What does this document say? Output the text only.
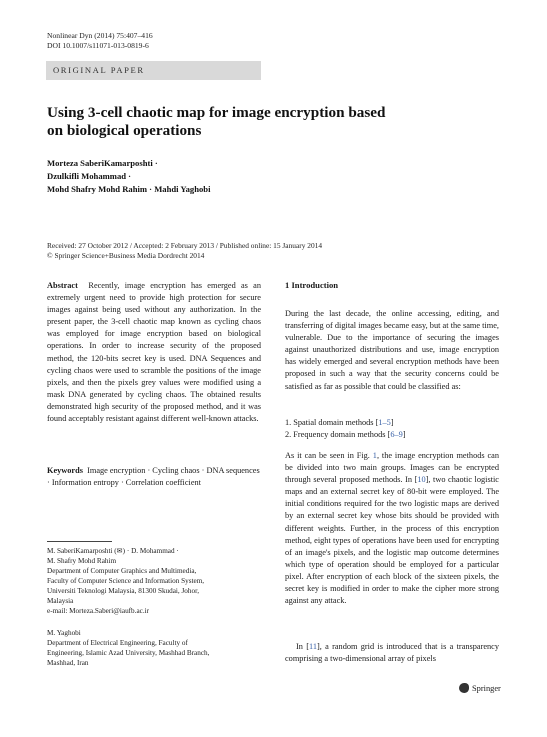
Nonlinear Dyn (2014) 75:407–416
DOI 10.1007/s11071-013-0819-6
ORIGINAL PAPER
Using 3-cell chaotic map for image encryption based on biological operations
Morteza SaberiKamarposhti ·
Dzulkifli Mohammad ·
Mohd Shafry Mohd Rahim · Mahdi Yaghobi
Received: 27 October 2012 / Accepted: 2 February 2013 / Published online: 15 January 2014
© Springer Science+Business Media Dordrecht 2014
Abstract Recently, image encryption has emerged as an extremely urgent need to provide high protection for secure images against being used without any authorization. In the present paper, the 3-cell chaotic map known as cycling chaos was employed for image encryption based on biological operations. In order to increase security of the proposed method, the 120-bits secret key is used. DNA Sequences and cycling chaos were used to scramble the positions of the image pixels, and then the pixels grey values were modified using a mask DNA generated by cycling chaos. The obtained results demonstrated high security of the proposed method, and it was found acceptably resistant against different well-known attacks.
Keywords Image encryption · Cycling chaos · DNA sequences · Information entropy · Correlation coefficient
M. SaberiKamarposhti (✉) · D. Mohammad ·
M. Shafry Mohd Rahim
Department of Computer Graphics and Multimedia,
Faculty of Computer Science and Information System,
Universiti Teknologi Malaysia, 81300 Skudai, Johor,
Malaysia
e-mail: Morteza.Saberi@iaufb.ac.ir
M. Yaghobi
Department of Electrical Engineering, Faculty of
Engineering, Islamic Azad University, Mashhad Branch,
Mashhad, Iran
1 Introduction
During the last decade, the online accessing, editing, and transferring of digital images became easy, but at the same time, vulnerable. Due to the importance of securing the images against unauthorized distributions and use, image encryption has widely emerged and several encryption methods have been proposed in such a way that the security concerns could be satisfied as far as possible that could be classified as:
1. Spatial domain methods [1–5]
2. Frequency domain methods [6–9]
As it can be seen in Fig. 1, the image encryption methods can be divided into two main groups. Images can be encrypted through several proposed methods. In [10], two chaotic logistic maps and an external secret key of 80-bit were employed. The initial conditions required for the two logistic maps are derived by an external secret key whose bits should be provided with different weights. Further, in the process of this encryption method, eight types of operations have been used for encrypting of an image's pixels, and the logistic map outcome determines which type of operation should be employed for a particular pixel. After encryption of each block of the sixteen pixels, the secret key is modified in order to make the cipher more strong against any attack.
In [11], a random grid is introduced that is a transparency comprising a two-dimensional array of pixels
Springer
